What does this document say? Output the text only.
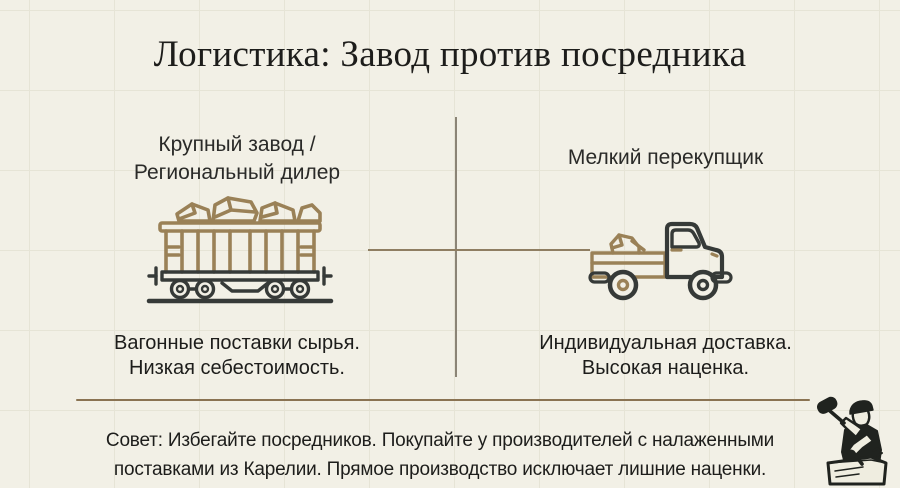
Логистика: Завод против посредника
Крупный завод /
Региональный дилер
Вагонные поставки сырья.
Низкая себестоимость.
Мелкий перекупщик
Индивидуальная доставка.
Высокая наценка.
Совет: Избегайте посредников. Покупайте у производителей с налаженными
поставками из Карелии. Прямое производство исключает лишние наценки.
